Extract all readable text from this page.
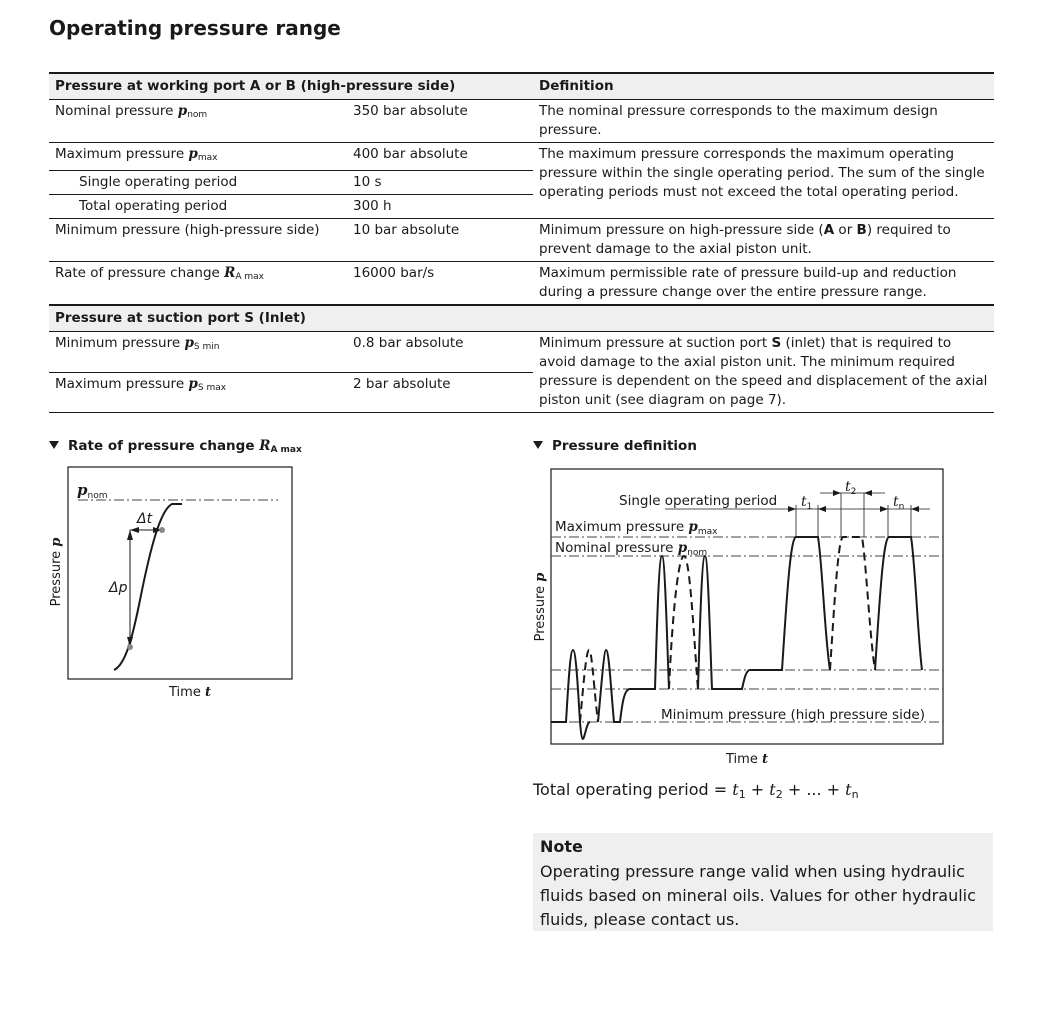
Operating pressure range
Pressure at working port A or B (high-pressure side)		Definition
Nominal pressure $p_{nom}$	350 bar absolute	The nominal pressure corresponds to the maximum design pressure.
Maximum pressure $p_{max}$	400 bar absolute	The maximum pressure corresponds the maximum operating pressure within the single operating period. The sum of the single operating periods must not exceed the total operating period.
Single operating period	10 s	
Total operating period	300 h	
Minimum pressure (high-pressure side)	10 bar absolute	Minimum pressure on high-pressure side (A or B) required to prevent damage to the axial piston unit.
Rate of pressure change $R_{A max}$	16000 bar/s	Maximum permissible rate of pressure build-up and reduction during a pressure change over the entire pressure range.
Pressure at suction port S (Inlet)		
Minimum pressure $p_{S min}$	0.8 bar absolute	Minimum pressure at suction port S (inlet) that is required to avoid damage to the axial piston unit. The minimum required pressure is dependent on the speed and displacement of the axial piston unit (see diagram on page 7).
Maximum pressure $p_{S max}$	2 bar absolute	
Rate of pressure change $R_{A max}$
$p_{nom}$
Δt
Δp
Pressure p
Time t
Single operating period $t_1$
$t_2$
$t_n$
Maximum pressure $p_{max}$
Nominal pressure $p_{nom}$
Minimum pressure (high pressure side)
Pressure p
Time t
Pressure definition
Total operating period = t1 + t2 + ... + tn
Note
Operating pressure range valid when using hydraulic fluids based on mineral oils. Values for other hydraulic fluids, please contact us.
